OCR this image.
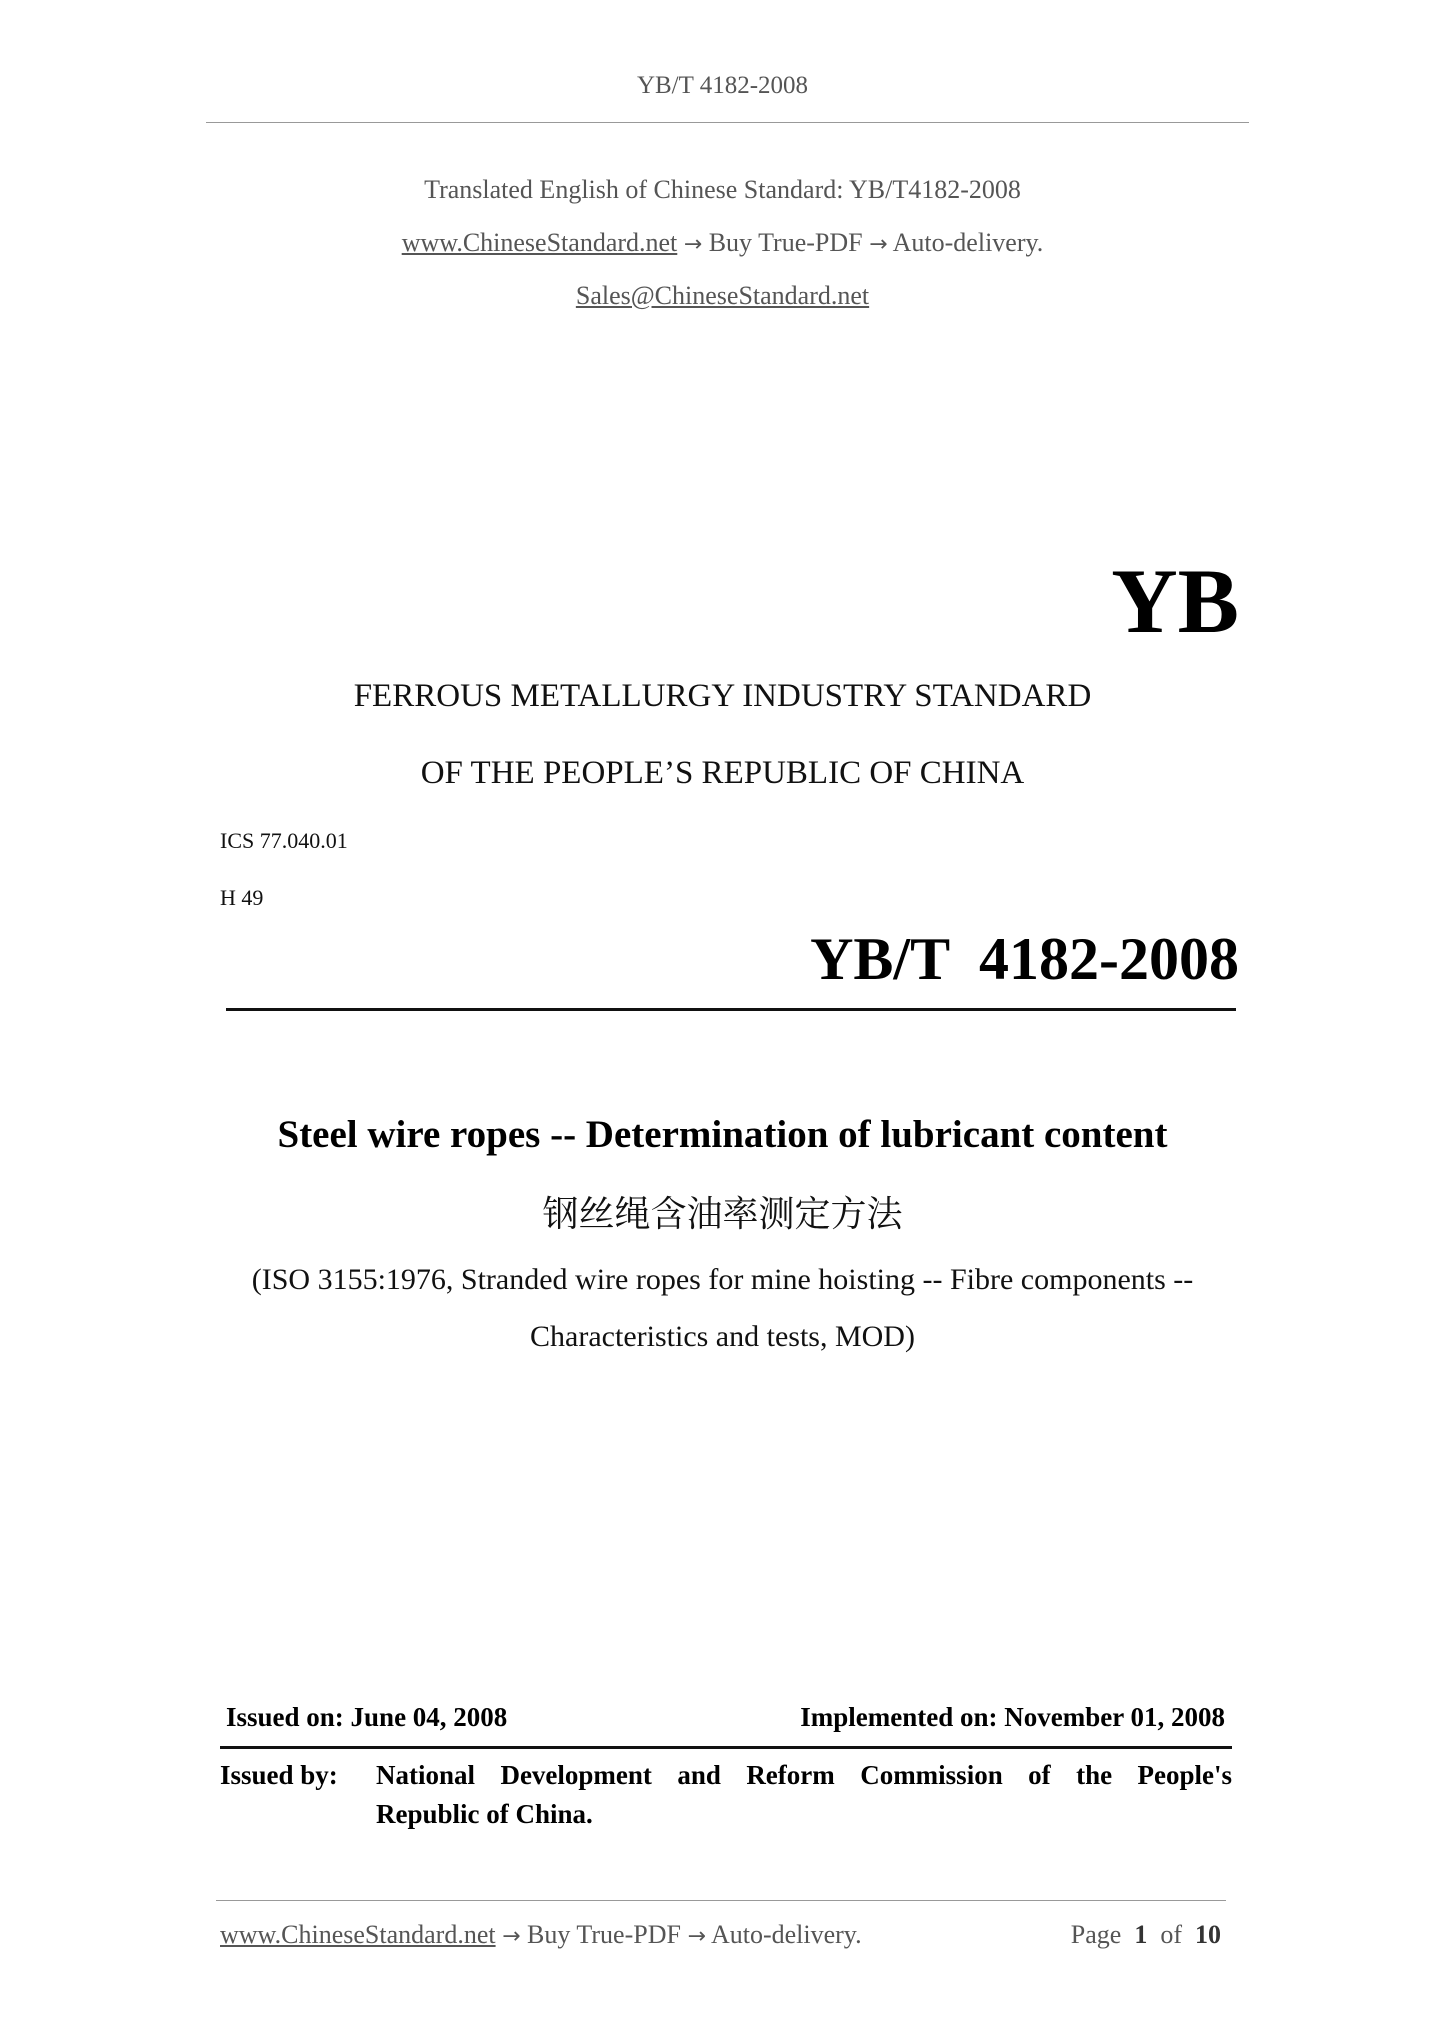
YB/T 4182-2008
Translated English of Chinese Standard: YB/T4182-2008
www.ChineseStandard.net → Buy True-PDF → Auto-delivery.
Sales@ChineseStandard.net
YB
FERROUS METALLURGY INDUSTRY STANDARD
OF THE PEOPLE’S REPUBLIC OF CHINA
ICS 77.040.01
H 49
YB/T  4182-2008
Steel wire ropes -- Determination of lubricant content
钢丝绳含油率测定方法
(ISO 3155:1976, Stranded wire ropes for mine hoisting -- Fibre components --
Characteristics and tests, MOD)
Issued on: June 04, 2008	Implemented on: November 01, 2008
Issued by: National Development and Reform Commission of the People's
Republic of China.
www.ChineseStandard.net → Buy True-PDF → Auto-delivery.	Page 1 of 10
